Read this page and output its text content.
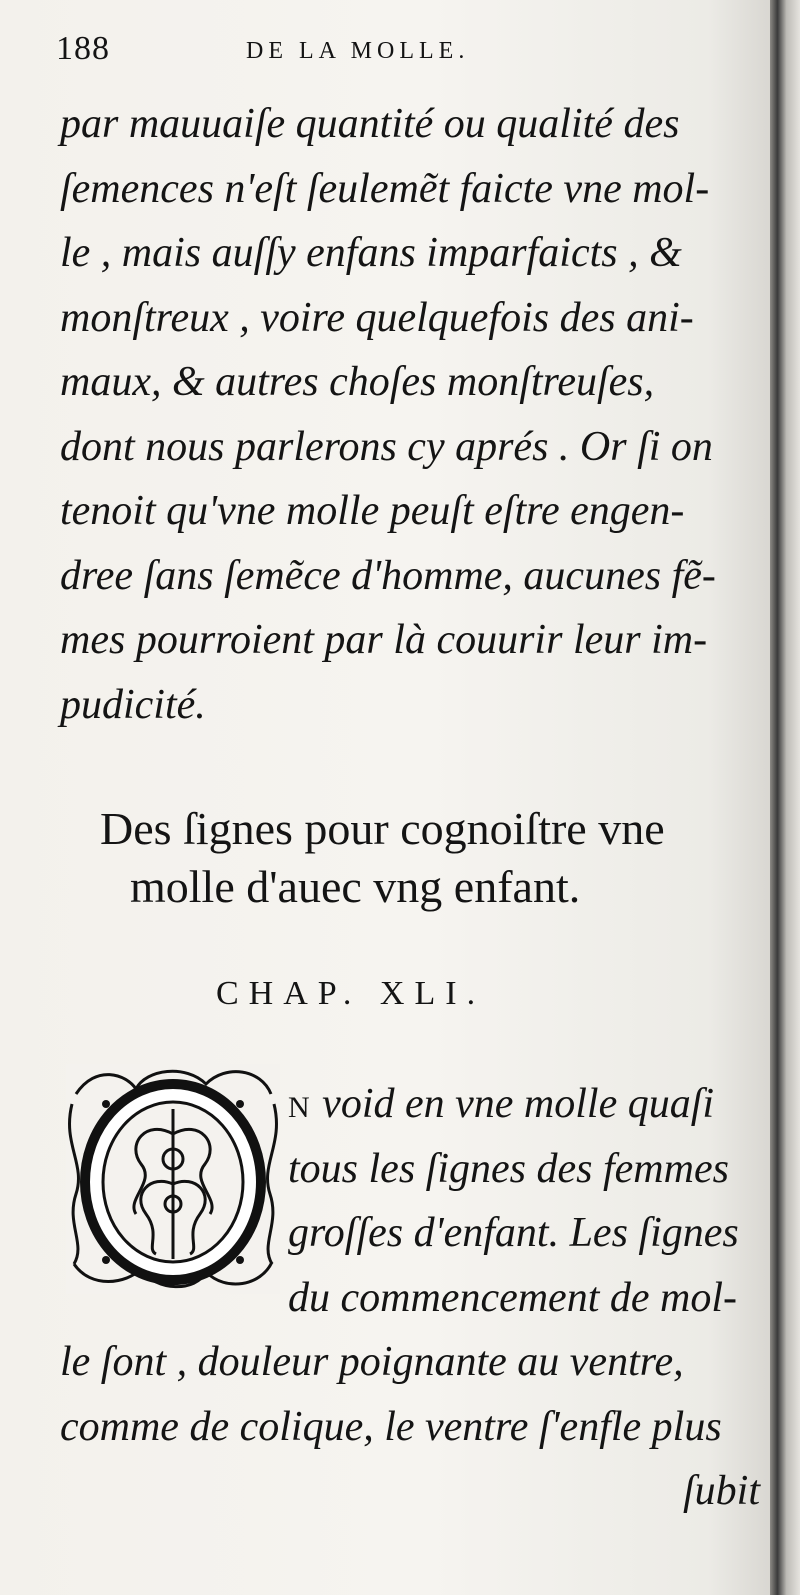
188	DE LA MOLLE.
par mauuaiſe quantité ou qualité des
ſemences n'eſt ſeulemẽt faicte vne mol-
le , mais auſſy enfans imparfaicts , &
monſtreux , voire quelquefois des ani-
maux, & autres choſes monſtreuſes,
dont nous parlerons cy aprés . Or ſi on
tenoit qu'vne molle peuſt eſtre engen-
dree ſans ſemẽce d'homme, aucunes fẽ-
mes pourroient par là couurir leur im-
pudicité.
Des ſignes pour cognoiſtre vne
molle d'auec vng enfant.
CHAP. XLI.
N void en vne molle quaſi
tous les ſignes des femmes
groſſes d'enfant. Les ſignes
du commencement de mol-
le ſont , douleur poignante au ventre,
comme de colique, le ventre ſ'enfle plus
ſubit
